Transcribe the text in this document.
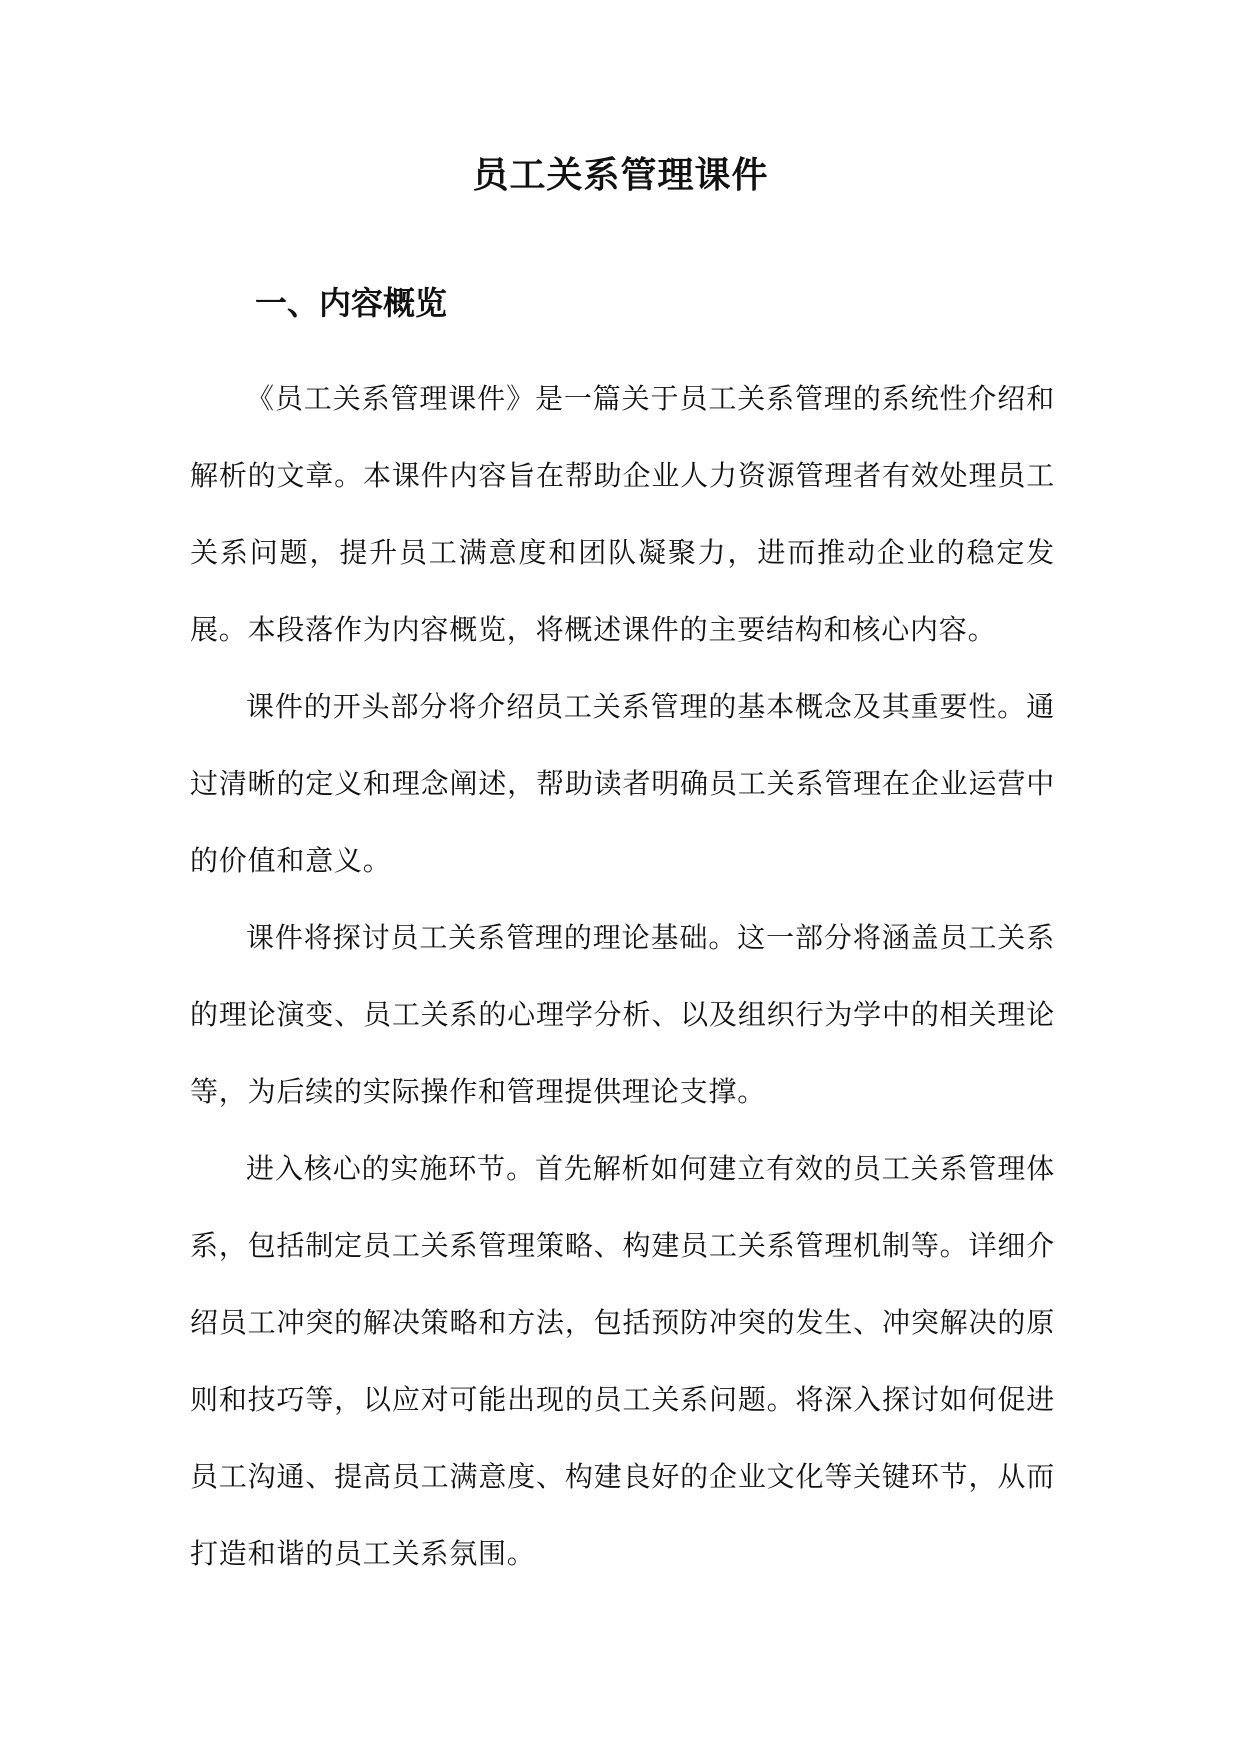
员工关系管理课件
一、内容概览

《员工关系管理课件》是一篇关于员工关系管理的系统性介绍和解析的文章。本课件内容旨在帮助企业人力资源管理者有效处理员工关系问题，提升员工满意度和团队凝聚力，进而推动企业的稳定发展。本段落作为内容概览，将概述课件的主要结构和核心内容。

课件的开头部分将介绍员工关系管理的基本概念及其重要性。通过清晰的定义和理念阐述，帮助读者明确员工关系管理在企业运营中的价值和意义。

课件将探讨员工关系管理的理论基础。这一部分将涵盖员工关系的理论演变、员工关系的心理学分析、以及组织行为学中的相关理论等，为后续的实际操作和管理提供理论支撑。

进入核心的实施环节。首先解析如何建立有效的员工关系管理体系，包括制定员工关系管理策略、构建员工关系管理机制等。详细介绍员工冲突的解决策略和方法，包括预防冲突的发生、冲突解决的原则和技巧等，以应对可能出现的员工关系问题。将深入探讨如何促进员工沟通、提高员工满意度、构建良好的企业文化等关键环节，从而打造和谐的员工关系氛围。
